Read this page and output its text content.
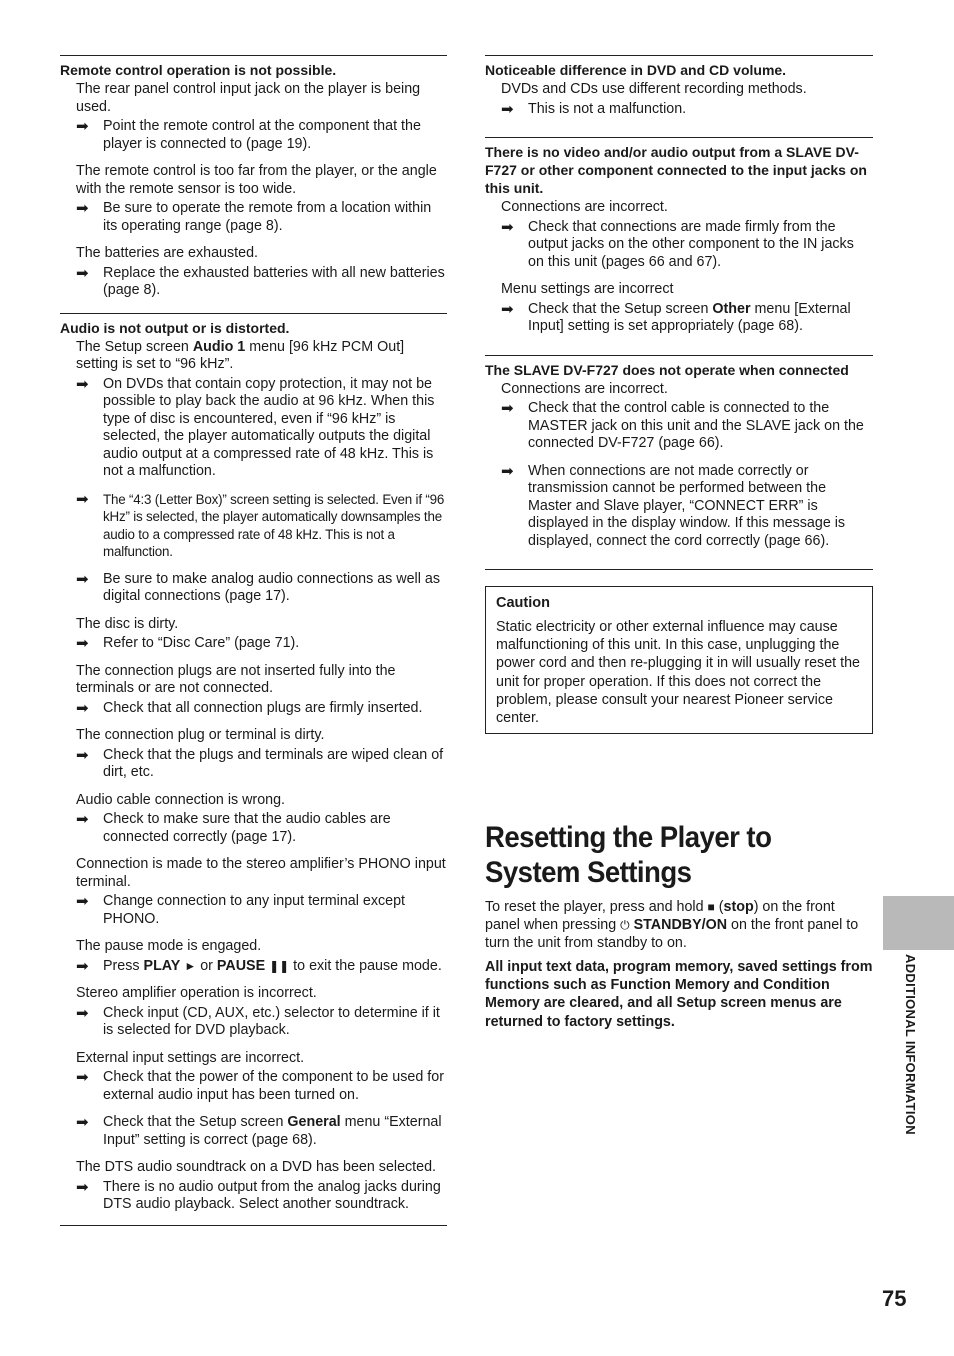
Remote control operation is not possible.

The rear panel control input jack on the player is being used.

➡ Point the remote control at the component that the player is connected to (page 19).

The remote control is too far from the player, or the angle with the remote sensor is too wide.

➡ Be sure to operate the remote from a location within its operating range (page 8).

The batteries are exhausted.

➡ Replace the exhausted batteries with all new batteries (page 8).

Audio is not output or is distorted.

The Setup screen Audio 1 menu [96 kHz PCM Out] setting is set to “96 kHz”.

➡ On DVDs that contain copy protection, it may not be possible to play back the audio at 96 kHz. When this type of disc is encountered, even if “96 kHz” is selected, the player automatically outputs the digital audio output at a compressed rate of 48 kHz. This is not a malfunction.

➡ The “4:3 (Letter Box)” screen setting is selected. Even if “96 kHz” is selected, the player automatically downsamples the audio to a compressed rate of 48 kHz. This is not a malfunction.

➡ Be sure to make analog audio connections as well as digital connections (page 17).

The disc is dirty.

➡ Refer to “Disc Care” (page 71).

The connection plugs are not inserted fully into the terminals or are not connected.

➡ Check that all connection plugs are firmly inserted.

The connection plug or terminal is dirty.

➡ Check that the plugs and terminals are wiped clean of dirt, etc.

Audio cable connection is wrong.

➡ Check to make sure that the audio cables are connected correctly (page 17).

Connection is made to the stereo amplifier’s PHONO input terminal.

➡ Change connection to any input terminal except PHONO.

The pause mode is engaged.

➡ Press PLAY ► or PAUSE ❚❚ to exit the pause mode.

Stereo amplifier operation is incorrect.

➡ Check input (CD, AUX, etc.) selector to determine if it is selected for DVD playback.

External input settings are incorrect.

➡ Check that the power of the component to be used for external audio input has been turned on.

➡ Check that the Setup screen General menu “External Input” setting is correct (page 68).

The DTS audio soundtrack on a DVD has been selected.

➡ There is no audio output from the analog jacks during DTS audio playback. Select another soundtrack.

Noticeable difference in DVD and CD volume.

DVDs and CDs use different recording methods.

➡ This is not a malfunction.

There is no video and/or audio output from a SLAVE DV-F727 or other component connected to the input jacks on this unit.

Connections are incorrect.

➡ Check that connections are made firmly from the output jacks on the other component to the IN jacks on this unit (pages 66 and 67).

Menu settings are incorrect

➡ Check that the Setup screen Other menu [External Input] setting is set appropriately (page 68).

The SLAVE DV-F727 does not operate when connected

Connections are incorrect.

➡ Check that the control cable is connected to the MASTER jack on this unit and the SLAVE jack on the connected DV-F727 (page 66).

➡ When connections are not made correctly or transmission cannot be performed between the Master and Slave player, “CONNECT ERR” is displayed in the display window. If this message is displayed, connect the cord correctly (page 66).

Caution
Static electricity or other external influence may cause malfunctioning of this unit. In this case, unplugging the power cord and then re-plugging it in will usually reset the unit for proper operation. If this does not correct the problem, please consult your nearest Pioneer service center.
Resetting the Player to System Settings

To reset the player, press and hold ■ (stop) on the front panel when pressing ⏻ STANDBY/ON on the front panel to turn the unit from standby to on.

All input text data, program memory, saved settings from functions such as Function Memory and Condition Memory are cleared, and all Setup screen menus are returned to factory settings.	ADDITIONAL INFORMATION
75
